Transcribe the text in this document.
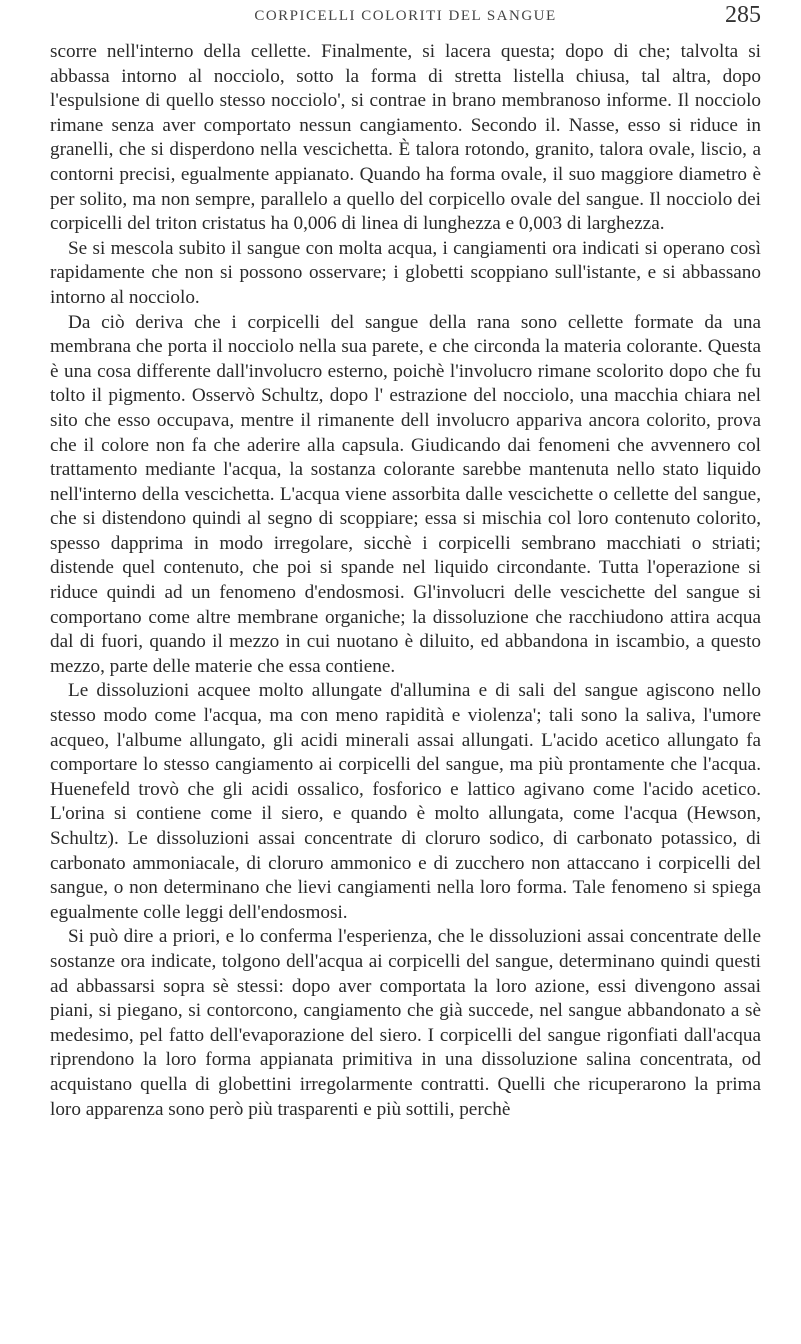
CORPICELLI COLORITI DEL SANGUE	285

scorre nell'interno della cellette. Finalmente, si lacera questa; dopo di che; talvolta si abbassa intorno al nocciolo, sotto la forma di stretta listella chiusa, tal altra, dopo l'espulsione di quello stesso nocciolo', si contrae in brano membranoso informe. Il nocciolo rimane senza aver comportato nessun cangiamento. Secondo il. Nasse, esso si riduce in granelli, che si disperdono nella vescichetta. È talora rotondo, granito, talora ovale, liscio, a contorni precisi, egualmente appianato. Quando ha forma ovale, il suo maggiore diametro è per solito, ma non sempre, parallelo a quello del corpicello ovale del sangue. Il nocciolo dei corpicelli del triton cristatus ha 0,006 di linea di lunghezza e 0,003 di larghezza.

Se si mescola subito il sangue con molta acqua, i cangiamenti ora indicati si operano così rapidamente che non si possono osservare; i globetti scoppiano sull'istante, e si abbassano intorno al nocciolo.

Da ciò deriva che i corpicelli del sangue della rana sono cellette formate da una membrana che porta il nocciolo nella sua parete, e che circonda la materia colorante. Questa è una cosa differente dall'involucro esterno, poichè l'involucro rimane scolorito dopo che fu tolto il pigmento. Osservò Schultz, dopo l' estrazione del nocciolo, una macchia chiara nel sito che esso occupava, mentre il rimanente dell involucro appariva ancora colorito, prova che il colore non fa che aderire alla capsula. Giudicando dai fenomeni che avvennero col trattamento mediante l'acqua, la sostanza colorante sarebbe mantenuta nello stato liquido nell'interno della vescichetta. L'acqua viene assorbita dalle vescichette o cellette del sangue, che si distendono quindi al segno di scoppiare; essa si mischia col loro contenuto colorito, spesso dapprima in modo irregolare, sicchè i corpicelli sembrano macchiati o striati; distende quel contenuto, che poi si spande nel liquido circondante. Tutta l'operazione si riduce quindi ad un fenomeno d'endosmosi. Gl'involucri delle vescichette del sangue si comportano come altre membrane organiche; la dissoluzione che racchiudono attira acqua dal di fuori, quando il mezzo in cui nuotano è diluito, ed abbandona in iscambio, a questo mezzo, parte delle materie che essa contiene.

Le dissoluzioni acquee molto allungate d'allumina e di sali del sangue agiscono nello stesso modo come l'acqua, ma con meno rapidità e violenza'; tali sono la saliva, l'umore acqueo, l'albume allungato, gli acidi minerali assai allungati. L'acido acetico allungato fa comportare lo stesso cangiamento ai corpicelli del sangue, ma più prontamente che l'acqua. Huenefeld trovò che gli acidi ossalico, fosforico e lattico agivano come l'acido acetico. L'orina si contiene come il siero, e quando è molto allungata, come l'acqua (Hewson, Schultz). Le dissoluzioni assai concentrate di cloruro sodico, di carbonato potassico, di carbonato ammoniacale, di cloruro ammonico e di zucchero non attaccano i corpicelli del sangue, o non determinano che lievi cangiamenti nella loro forma. Tale fenomeno si spiega egualmente colle leggi dell'endosmosi.

Si può dire a priori, e lo conferma l'esperienza, che le dissoluzioni assai concentrate delle sostanze ora indicate, tolgono dell'acqua ai corpicelli del sangue, determinano quindi questi ad abbassarsi sopra sè stessi: dopo aver comportata la loro azione, essi divengono assai piani, si piegano, si contorcono, cangiamento che già succede, nel sangue abbandonato a sè medesimo, pel fatto dell'evaporazione del siero. I corpicelli del sangue rigonfiati dall'acqua riprendono la loro forma appianata primitiva in una dissoluzione salina concentrata, od acquistano quella di globettini irregolarmente contratti. Quelli che ricuperarono la prima loro apparenza sono però più trasparenti e più sottili, perchè
